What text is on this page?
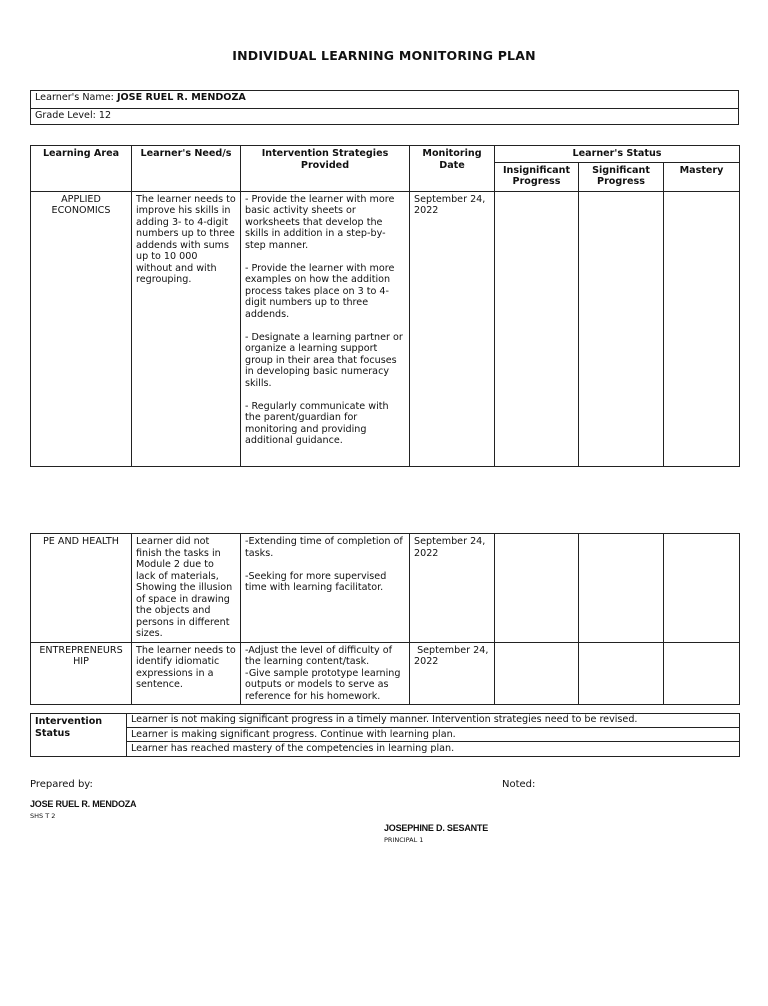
INDIVIDUAL LEARNING MONITORING PLAN
Learner's Name: JOSE RUEL R. MENDOZA
Grade Level: 12
Learning Area	Learner's Need/s	Intervention Strategies Provided	Monitoring Date	Learner's Status		
				Insignificant Progress	Significant Progress	Mastery
APPLIED ECONOMICS	The learner needs to improve his skills in adding 3- to 4-digit numbers up to three addends with sums up to 10 000 without and with regrouping.	- Provide the learner with more basic activity sheets or worksheets that develop the skills in addition in a step-by-step manner.

- Provide the learner with more examples on how the addition process takes place on 3 to 4-digit numbers up to three addends.

- Designate a learning partner or organize a learning support group in their area that focuses in developing basic numeracy skills.

- Regularly communicate with the parent/guardian for monitoring and providing additional guidance.	September 24, 2022			
PE AND HEALTH	Learner did not finish the tasks in Module 2 due to lack of materials, Showing the illusion of space in drawing the objects and persons in different sizes.	-Extending time of completion of tasks.

-Seeking for more supervised time with learning facilitator.	September 24, 2022			
ENTREPRENEURS HIP	The learner needs to identify idiomatic expressions in a sentence.	-Adjust the level of difficulty of the learning content/task.
-Give sample prototype learning outputs or models to serve as reference for his homework.	September 24, 2022			
Intervention Status	Learner is not making significant progress in a timely manner. Intervention strategies need to be revised.
Learner is making significant progress. Continue with learning plan.
Learner has reached mastery of the competencies in learning plan.
Prepared by:	Noted:
JOSE RUEL R. MENDOZA
SHS T 2
JOSEPHINE D. SESANTE
PRINCIPAL 1
